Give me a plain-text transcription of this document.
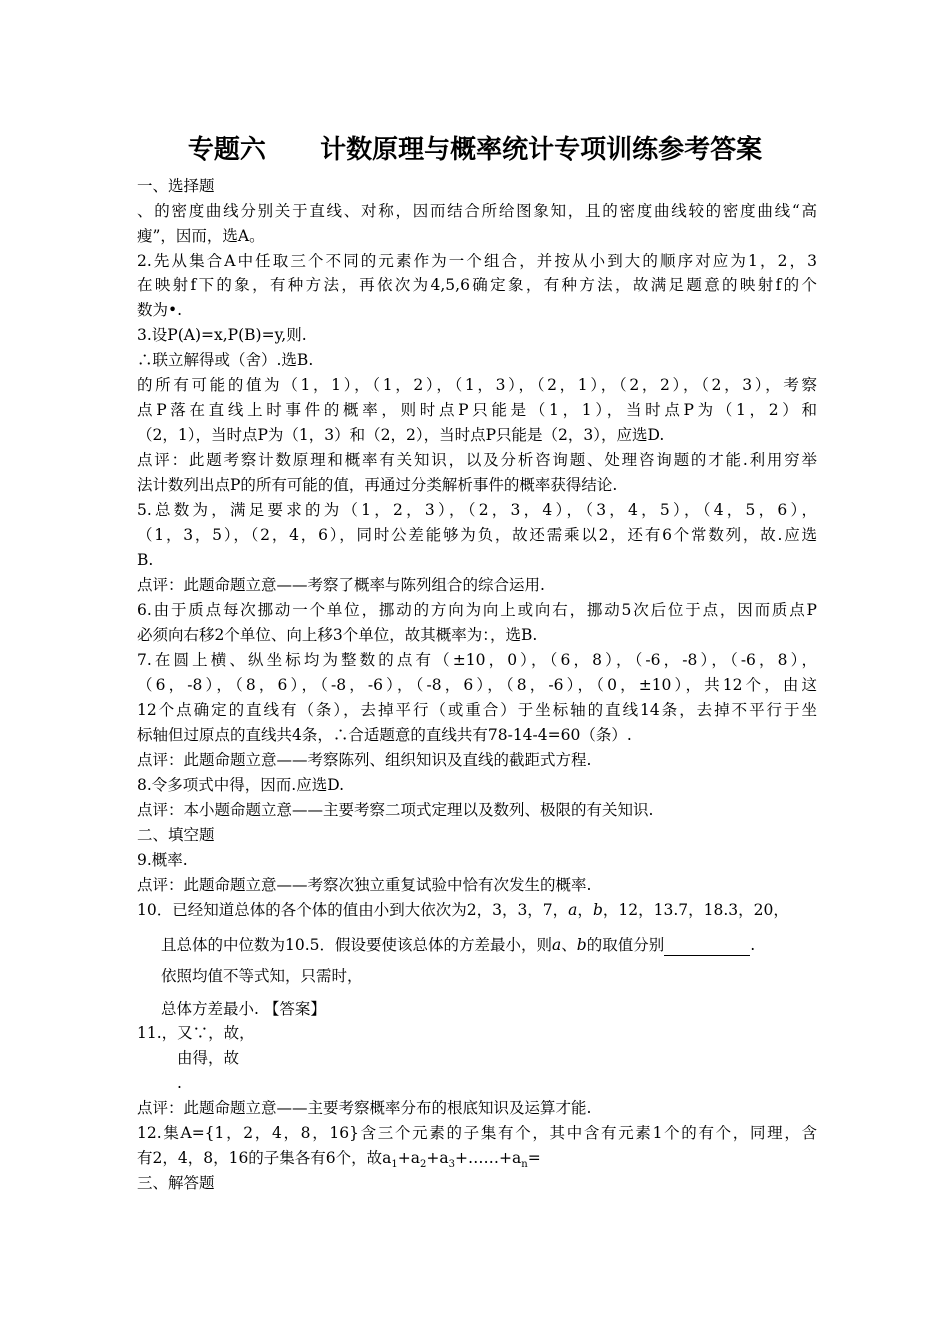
专题六      计数原理与概率统计专项训练参考答案
一、选择题
、的密度曲线分别关于直线、对称，因而结合所给图象知，且的密度曲线较的密度曲线“高
瘦”，因而，选A。
2.先从集合A中任取三个不同的元素作为一个组合，并按从小到大的顺序对应为1，2，3
在映射f下的象，有种方法，再依次为4,5,6确定象，有种方法，故满足题意的映射f的个
数为•.
3.设P(A)=x,P(B)=y,则.
∴联立解得或（舍）.选B.
的所有可能的值为（1，1），（1，2），（1，3），（2，1），（2，2），（2，3），考察
点P落在直线上时事件的概率，则时点P只能是（1，1），当时点P为（1，2）和
（2，1），当时点P为（1，3）和（2，2），当时点P只能是（2，3），应选D.
点评：此题考察计数原理和概率有关知识，以及分析咨询题、处理咨询题的才能.利用穷举
法计数列出点P的所有可能的值，再通过分类解析事件的概率获得结论.
5.总数为，满足要求的为（1，2，3），（2，3，4），（3，4，5），（4，5，6），
（1，3，5），（2，4，6），同时公差能够为负，故还需乘以2，还有6个常数列，故.应选
B.
点评：此题命题立意——考察了概率与陈列组合的综合运用.
6.由于质点每次挪动一个单位，挪动的方向为向上或向右，挪动5次后位于点，因而质点P
必须向右移2个单位、向上移3个单位，故其概率为：，选B.
7.在圆上横、纵坐标均为整数的点有（±10，0），（6，8），（-6，-8），（-6，8），
（6，-8），（8，6），（-8，-6），（-8，6），（8，-6），（0，±10），共12个，由这
12个点确定的直线有（条），去掉平行（或重合）于坐标轴的直线14条，去掉不平行于坐
标轴但过原点的直线共4条，∴合适题意的直线共有78-14-4=60（条）.
点评：此题命题立意——考察陈列、组织知识及直线的截距式方程.
8.令多项式中得，因而.应选D.
点评：本小题命题立意——主要考察二项式定理以及数列、极限的有关知识.
二、填空题
9.概率.
点评：此题命题立意——考察次独立重复试验中恰有次发生的概率.
10．已经知道总体的各个体的值由小到大依次为2，3，3，7，a，b，12，13.7，18.3，20，
且总体的中位数为10.5．假设要使该总体的方差最小，则a、b的取值分别	.
依照均值不等式知，只需时，
总体方差最小. 【答案】
11.，又∵，故，
由得，故
.
点评：此题命题立意——主要考察概率分布的根底知识及运算才能.
12.集A={1，2，4，8，16}含三个元素的子集有个，其中含有元素1个的有个，同理，含
有2，4，8，16的子集各有6个，故$a_1+a_2+a_3+\dots\dots+a_n=$
三、解答题
